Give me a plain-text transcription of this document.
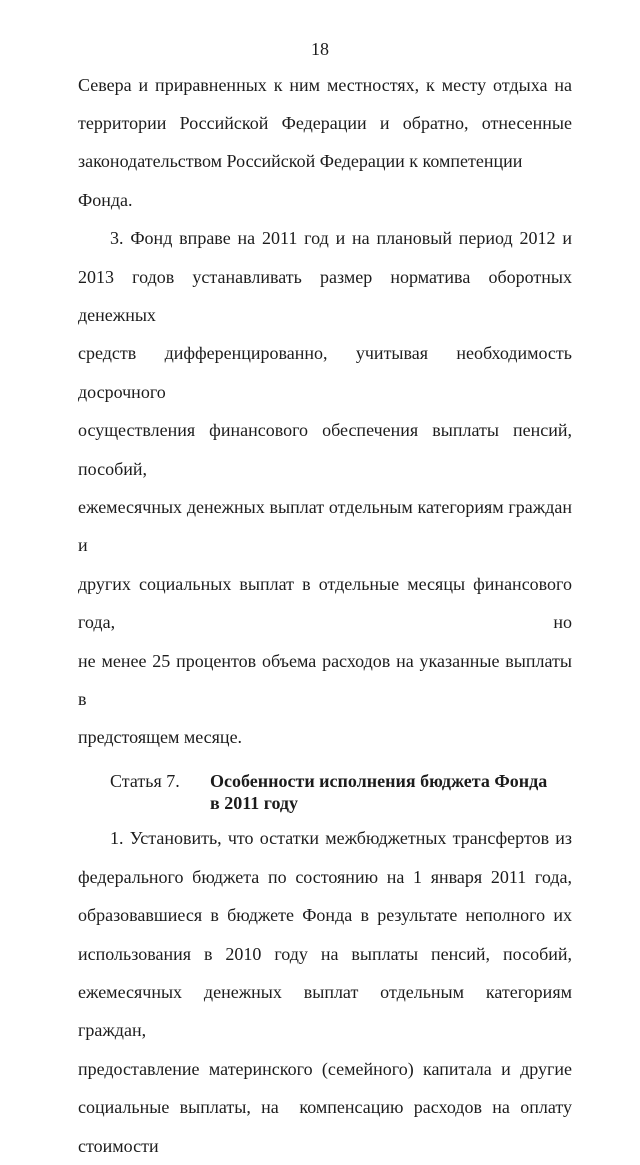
18
Севера и приравненных к ним местностях, к месту отдыха на
территории Российской Федерации и обратно, отнесенные
законодательством Российской Федерации к компетенции Фонда.
3. Фонд вправе на 2011 год и на плановый период 2012 и
2013 годов устанавливать размер норматива оборотных денежных
средств дифференцированно, учитывая необходимость досрочного
осуществления финансового обеспечения выплаты пенсий, пособий,
ежемесячных денежных выплат отдельным категориям граждан и
других социальных выплат в отдельные месяцы финансового года, но
не менее 25 процентов объема расходов на указанные выплаты в
предстоящем месяце.
Статья 7. Особенности исполнения бюджета Фонда
в 2011 году
1. Установить, что остатки межбюджетных трансфертов из
федерального бюджета по состоянию на 1 января 2011 года,
образовавшиеся в бюджете Фонда в результате неполного их
использования в 2010 году на выплаты пенсий, пособий,
ежемесячных денежных выплат отдельным категориям граждан,
предоставление материнского (семейного) капитала и другие
социальные выплаты, на  компенсацию расходов на оплату стоимости
